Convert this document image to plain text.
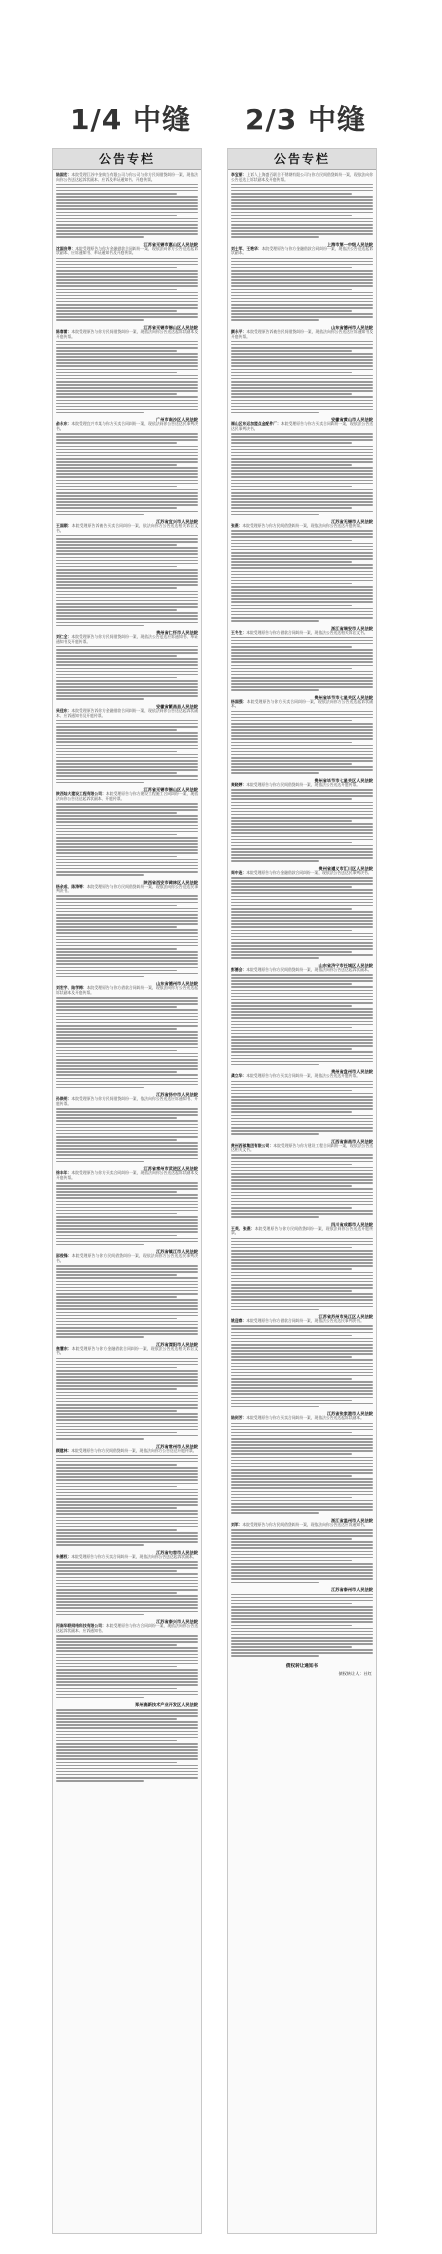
1/4 中缝 2/3 中缝
公告专栏
陆国宏：本院受理江苏中金典当有限公司与你公司与你方民间借贷纠纷一案，现依法向你公告送达起诉状副本、应诉及举证通知书、开庭传票。
江苏省无锡市惠山区人民法院
沈国良等：本院受理原告与你方金融借款合同纠纷一案，现依法向你方公告送达起诉状副本、应诉通知书、举证通知书及开庭传票。
江苏省无锡市锡山区人民法院
陈春雷：本院受理原告与你方民间借贷纠纷一案，现依法向你公告送达起诉状副本及开庭传票。
广州市南沙区人民法院
俞永东：本院受理宜兴市某与你方买卖合同纠纷一案，现依法向你公告送达民事判决书。
江苏省宜兴市人民法院
王国顺：本院受理原告诉被告买卖合同纠纷一案，依法向你方公告送达相关诉讼文书。
贵州省仁怀市人民法院
刘仁全：本院受理原告与你方民间借贷纠纷一案，现依法公告送达应诉通知书、举证通知书及开庭传票。
安徽省繁昌县人民法院
吴佳东：本院受理原告诉你方金融借款合同纠纷一案，现依法向你公告送达起诉状副本、应诉通知书及开庭传票。
江苏省无锡市锡山区人民法院
陕西灿大建设工程有限公司：本院受理原告与你方建设工程施工合同纠纷一案，现依法向你公告送达起诉状副本、开庭传票。
陕西省西安市碑林区人民法院
杨余成、陈涛等：本院受理原告与你方民间借贷纠纷一案，现依法向你公告送达民事判决书。
山东省德州市人民法院
刘宏宇、陆学梅：本院受理原告与你方借款合同纠纷一案，现依法向你方公告送达起诉状副本及开庭传票。
江苏省扬中市人民法院
孙焕明：本院受理原告与你方民间借贷纠纷一案，依法向你公告送达应诉通知书、开庭传票。
江苏省常州市武进区人民法院
徐丰年：本院受理原告与你方买卖合同纠纷一案，现依法向你公告送达起诉状副本及开庭传票。
江苏省镇江市人民法院
邵俊锋：本院受理原告与你方民间借贷纠纷一案，现依法向你方公告送达民事判决书。
江苏省溧阳市人民法院
焦慧东：本院受理原告与你方金融借款合同纠纷一案，现依法公告送达相关诉讼文书。
江苏省常州市人民法院
顾建林：本院受理原告与你方民间借贷纠纷一案，现依法向你方公告送达开庭传票。
江苏省句容市人民法院
朱德权：本院受理原告与你方买卖合同纠纷一案，现依法向你公告送达起诉状副本。
江苏省泰兴市人民法院
河南华联网络科技有限公司：本院受理原告与你方合同纠纷一案，现依法向你公告送达起诉状副本、应诉通知书。
郑州高新技术产业开发区人民法院
公告专栏
李宝丽：上诉人上海盛百联合不锈钢有限公司与你方民间借贷纠纷一案，现依法向你公告送达上诉状副本及开庭传票。
上海市第一中级人民法院
刘士军、王艳华：本院受理原告与你方金融借款合同纠纷一案，现依法公告送达起诉状副本。
山东省德州市人民法院
颜永平：本院受理原告诉被告民间借贷纠纷一案，现依法向你公告送达应诉通知书及开庭传票。
安徽省黄山市人民法院
福山区东运加盟点金配件厂：本院受理原告与你方买卖合同纠纷一案，现依法公告送达民事判决书。
江苏省无锡市人民法院
张燕：本院受理原告与你方民间借贷纠纷一案，现依法向你公告送达开庭传票。
浙江省瑞安市人民法院
王冬生：本院受理原告与你方借款合同纠纷一案，现依法公告送达相关诉讼文书。
贵州省毕节市七星关区人民法院
杨国强：本院受理原告与你方买卖合同纠纷一案，现依法向你方公告送达起诉状副本。
贵州省毕节市七星关区人民法院
麦晓婷：本院受理原告与你方民间借贷纠纷一案，现依法公告送达开庭传票。
贵州省遵义市汇川区人民法院
周中连：本院受理原告与你方金融借款合同纠纷一案，现依法公告送达民事判决书。
山东省济宁市任城区人民法院
彭德会：本院受理原告与你方民间借贷纠纷一案，现依法向你公告送达起诉状副本。
贵州省盘州市人民法院
龚立华：本院受理原告与你方买卖合同纠纷一案，现依法公告送达开庭传票。
江西省南昌市人民法院
贵州西部集团有限公司：本院受理原告与你方建设工程合同纠纷一案，现依法公告送达相关文书。
四川省成都市人民法院
王英、张燕：本院受理原告与你方民间借贷纠纷一案，现依法向你公告送达开庭传票。
江苏省苏州市吴江区人民法院
姚迎春：本院受理原告与你方借款合同纠纷一案，现依法公告送达民事判决书。
江苏省张家港市人民法院
陆剑芳：本院受理原告与你方买卖合同纠纷一案，现依法公告送达起诉状副本。
浙江省温州市人民法院
刘军：本院受理原告与你方民间借贷纠纷一案，现依法向你公告送达应诉通知书。
江苏省泰州市人民法院
债权转让通知书
债权转让人：社红
